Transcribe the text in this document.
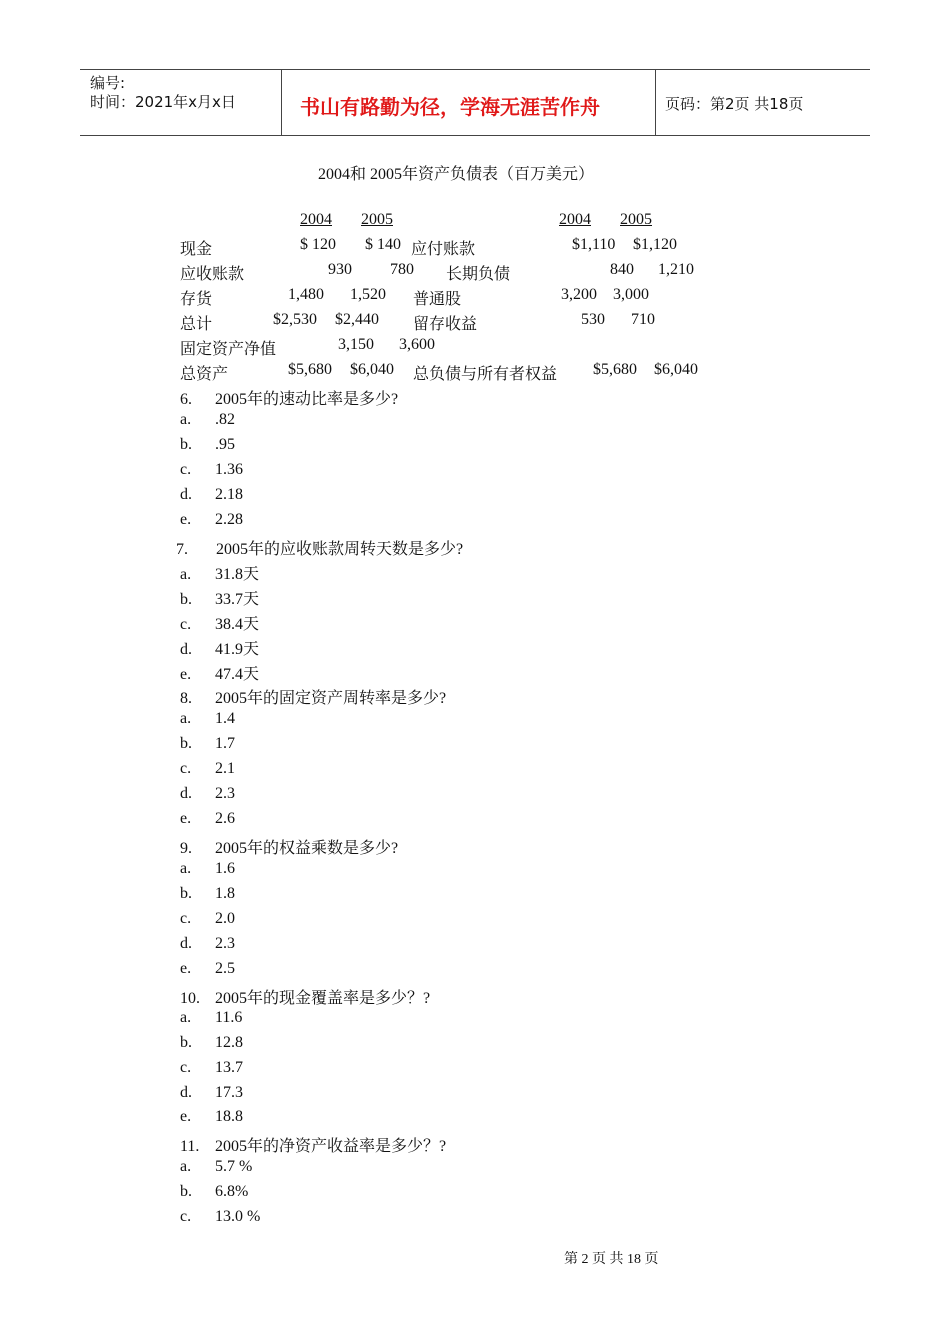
编号:
时间：2021年x月x日	书山有路勤为径，学海无涯苦作舟	页码：第2页 共18页
2004和 2005年资产负债表（百万美元）
2004 2005	2004 2005
现金	$ 120 $ 140 应付账款	$1,110 $1,120
应收账款	930 780 长期负债	840 1,210
存货	1,480 1,520 普通股	3,200 3,000
总计	$2,530 $2,440 留存收益	530 710
固定资产净值	3,150 3,600
总资产	$5,680 $6,040 总负债与所有者权益 $5,680 $6,040
6. 2005年的速动比率是多少?
a. .82
b. .95
c. 1.36
d. 2.18
e. 2.28
7. 2005年的应收账款周转天数是多少?
a. 31.8天
b. 33.7天
c. 38.4天
d. 41.9天
e. 47.4天
8. 2005年的固定资产周转率是多少?
a. 1.4
b. 1.7
c. 2.1
d. 2.3
e. 2.6
9. 2005年的权益乘数是多少?
a. 1.6
b. 1.8
c. 2.0
d. 2.3
e. 2.5
10. 2005年的现金覆盖率是多少？?
a. 11.6
b. 12.8
c. 13.7
d. 17.3
e. 18.8
11. 2005年的净资产收益率是多少？?
a. 5.7 %
b. 6.8%
c. 13.0 %
第 2 页 共 18 页
